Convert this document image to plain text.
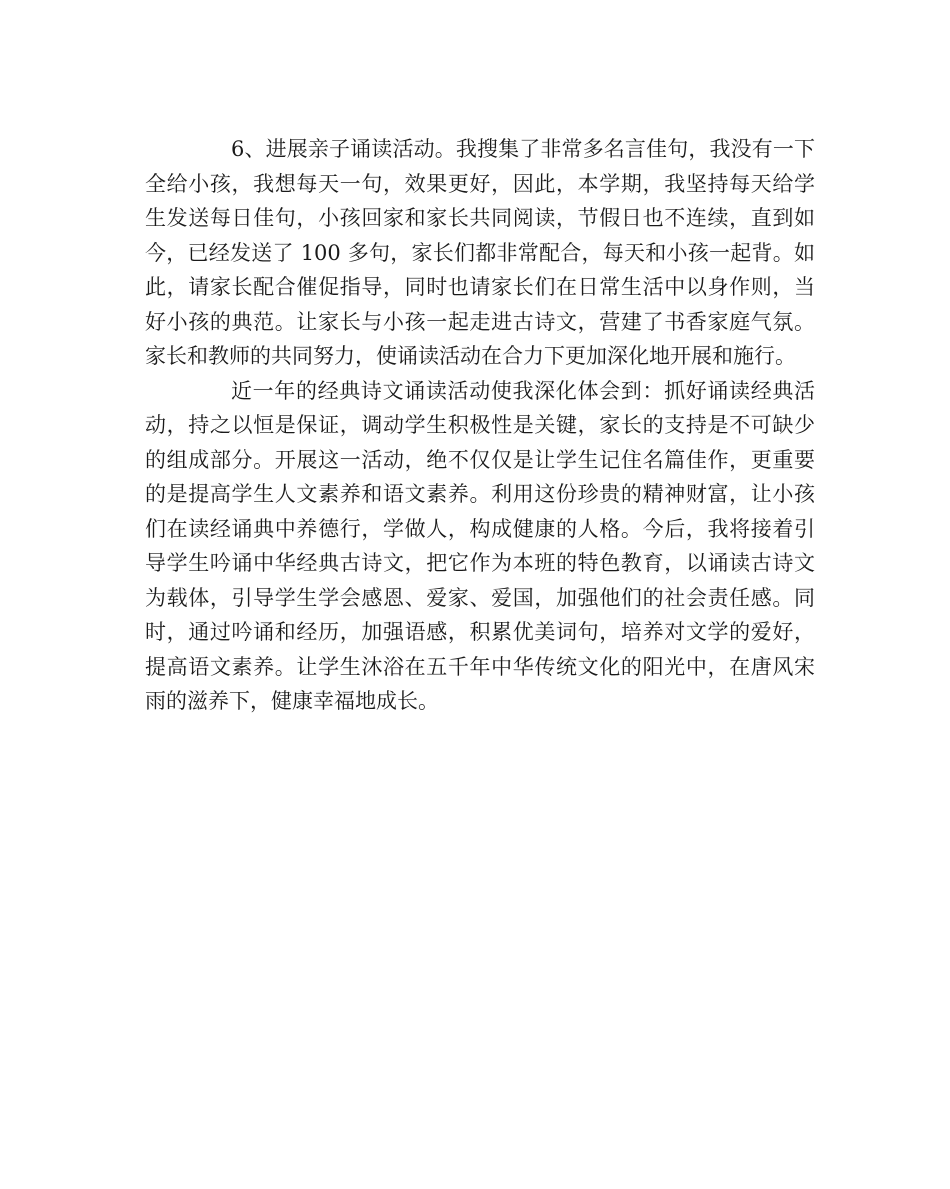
6、进展亲子诵读活动。我搜集了非常多名言佳句，我没有一下全给小孩，我想每天一句，效果更好，因此，本学期，我坚持每天给学生发送每日佳句，小孩回家和家长共同阅读，节假日也不连续，直到如今，已经发送了 100 多句，家长们都非常配合，每天和小孩一起背。如此，请家长配合催促指导，同时也请家长们在日常生活中以身作则，当好小孩的典范。让家长与小孩一起走进古诗文，营建了书香家庭气氛。家长和教师的共同努力，使诵读活动在合力下更加深化地开展和施行。

近一年的经典诗文诵读活动使我深化体会到：抓好诵读经典活动，持之以恒是保证，调动学生积极性是关键，家长的支持是不可缺少的组成部分。开展这一活动，绝不仅仅是让学生记住名篇佳作，更重要的是提高学生人文素养和语文素养。利用这份珍贵的精神财富，让小孩们在读经诵典中养德行，学做人，构成健康的人格。今后，我将接着引导学生吟诵中华经典古诗文，把它作为本班的特色教育，以诵读古诗文为载体，引导学生学会感恩、爱家、爱国，加强他们的社会责任感。同时，通过吟诵和经历，加强语感，积累优美词句，培养对文学的爱好，提高语文素养。让学生沐浴在五千年中华传统文化的阳光中，在唐风宋雨的滋养下，健康幸福地成长。
